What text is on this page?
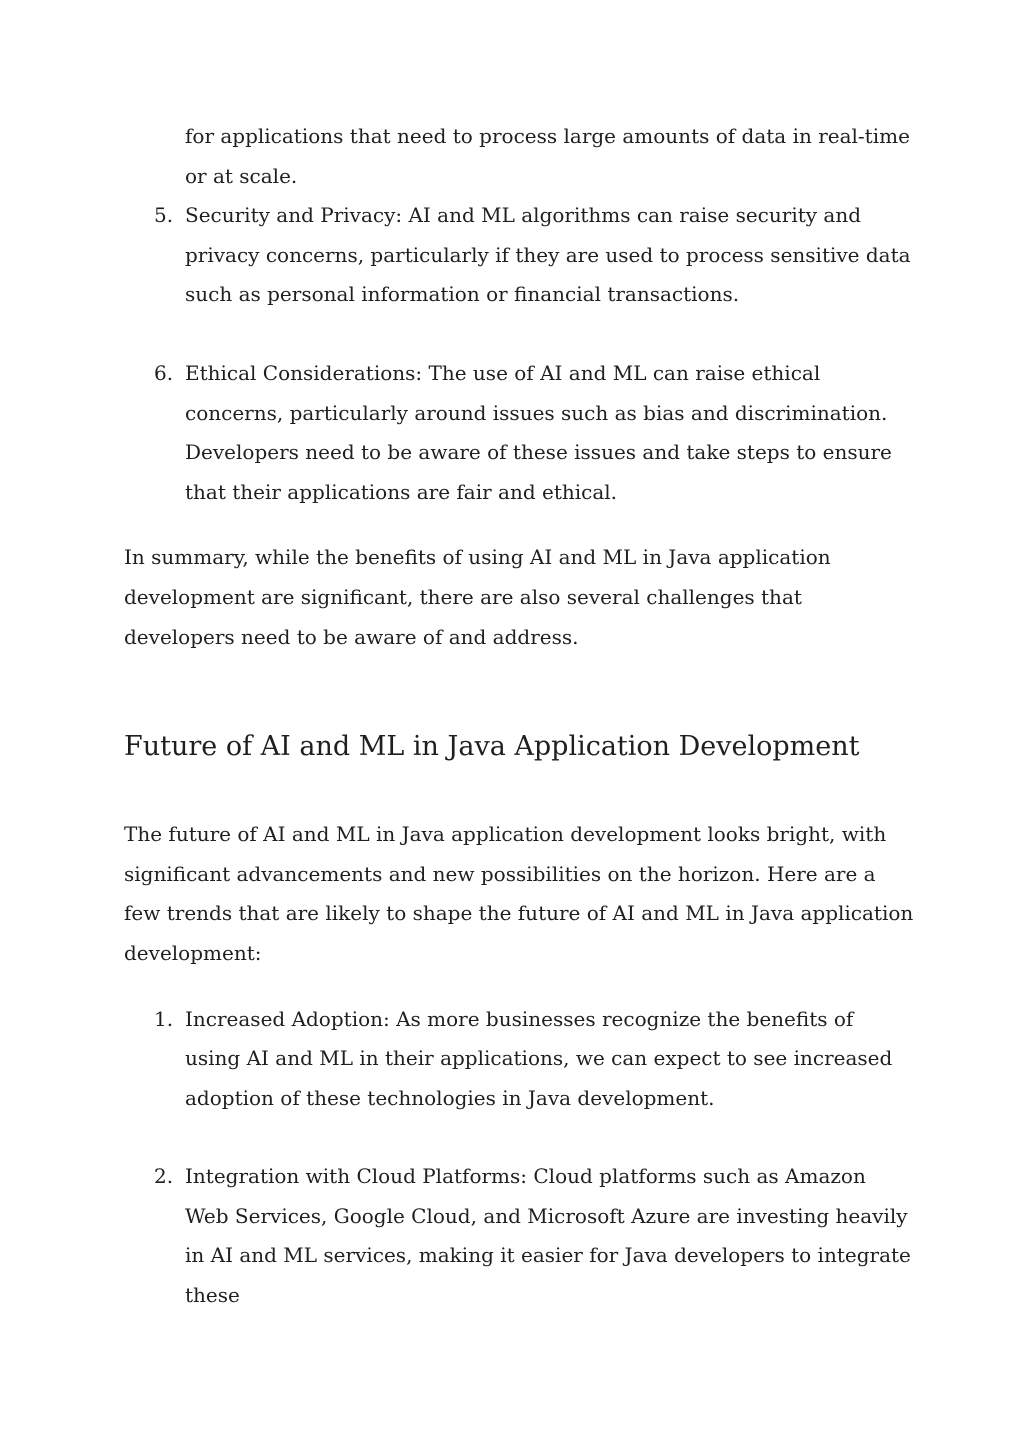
for applications that need to process large amounts of data in real-time or at scale.
5. Security and Privacy: AI and ML algorithms can raise security and privacy concerns, particularly if they are used to process sensitive data such as personal information or financial transactions.
6. Ethical Considerations: The use of AI and ML can raise ethical concerns, particularly around issues such as bias and discrimination. Developers need to be aware of these issues and take steps to ensure that their applications are fair and ethical.

In summary, while the benefits of using AI and ML in Java application development are significant, there are also several challenges that developers need to be aware of and address.

Future of AI and ML in Java Application Development

The future of AI and ML in Java application development looks bright, with significant advancements and new possibilities on the horizon. Here are a few trends that are likely to shape the future of AI and ML in Java application development:

1. Increased Adoption: As more businesses recognize the benefits of using AI and ML in their applications, we can expect to see increased adoption of these technologies in Java development.
2. Integration with Cloud Platforms: Cloud platforms such as Amazon Web Services, Google Cloud, and Microsoft Azure are investing heavily in AI and ML services, making it easier for Java developers to integrate these
